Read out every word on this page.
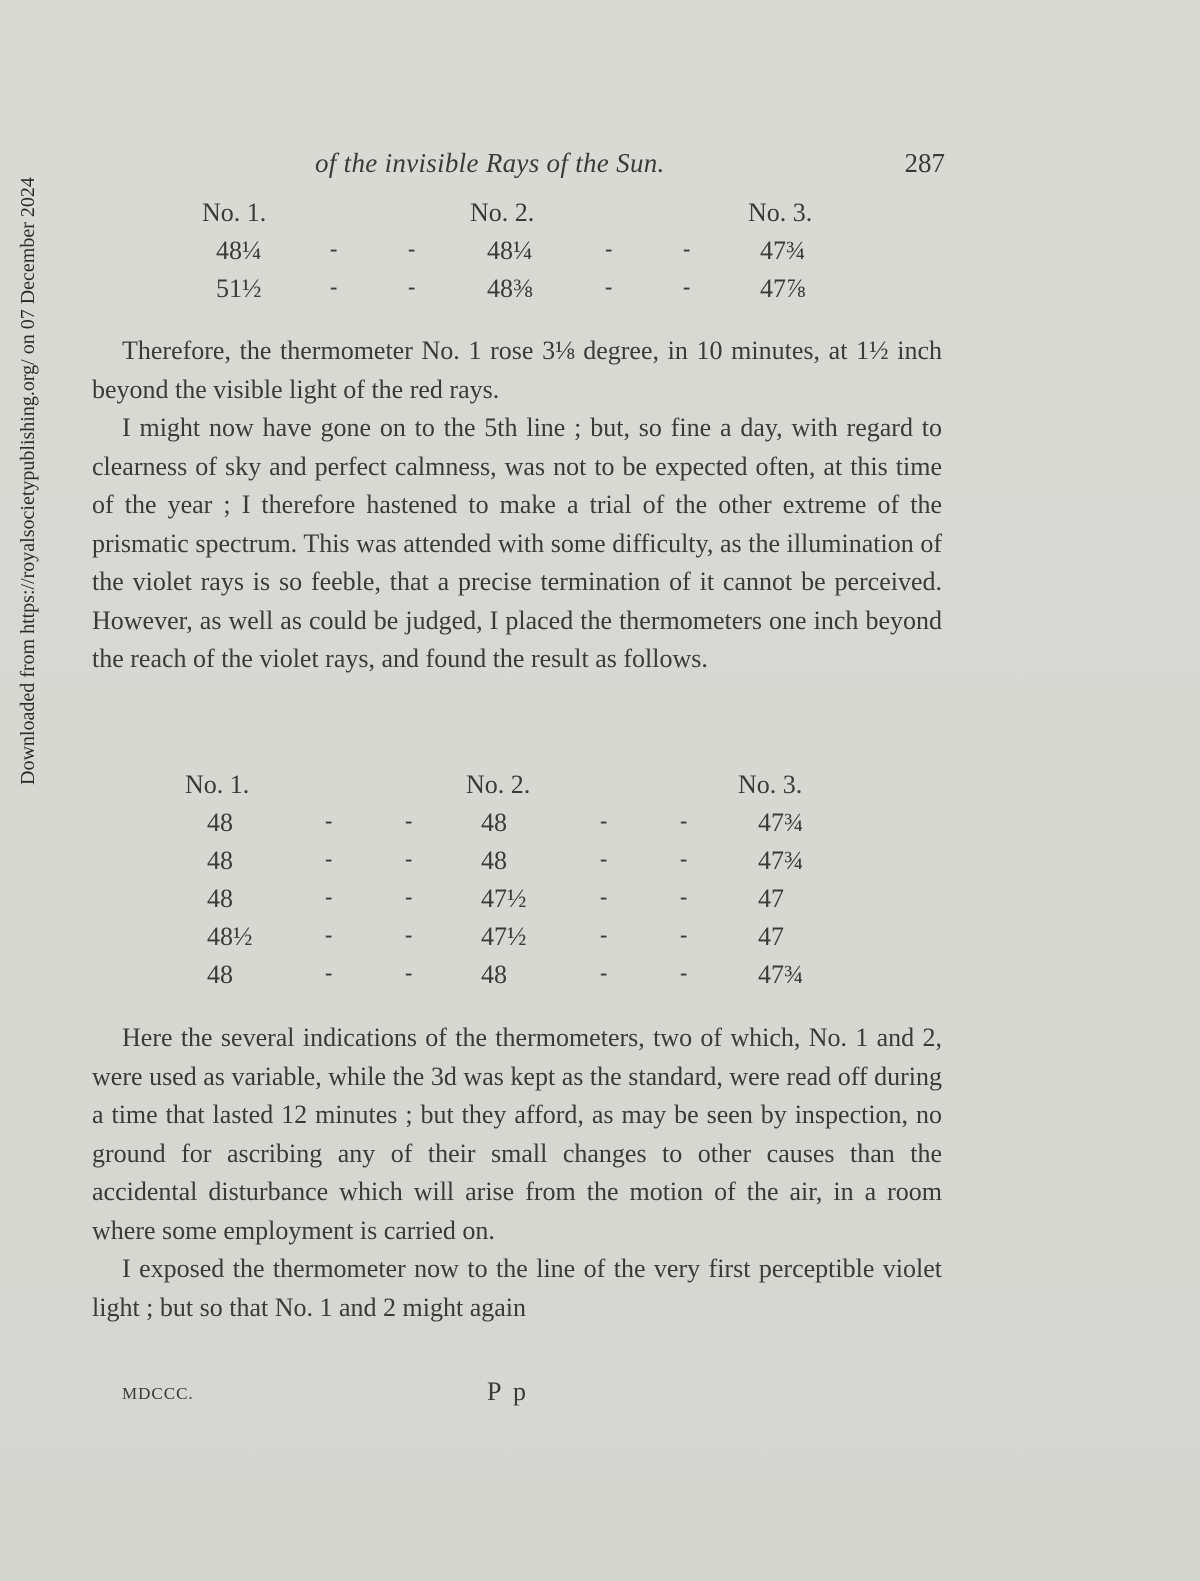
Downloaded from https://royalsocietypublishing.org/ on 07 December 2024
of the invisible Rays of the Sun.	287
No. 1.	No. 2.	No. 3.
48¼	-	-	48¼	-	-	47¾
51½	-	-	48⅜	-	-	47⅞

Therefore, the thermometer No. 1 rose 3⅛ degree, in 10 minutes, at 1½ inch beyond the visible light of the red rays.

I might now have gone on to the 5th line ; but, so fine a day, with regard to clearness of sky and perfect calmness, was not to be expected often, at this time of the year ; I therefore hastened to make a trial of the other extreme of the prismatic spectrum. This was attended with some difficulty, as the illumination of the violet rays is so feeble, that a precise termination of it cannot be perceived. However, as well as could be judged, I placed the thermometers one inch beyond the reach of the violet rays, and found the result as follows.

No. 1.	No. 2.	No. 3.
48	-	-	48	-	-	47¾
48	-	-	48	-	-	47¾
48	-	-	47½	-	-	47
48½	-	-	47½	-	-	47
48	-	-	48	-	-	47¾

Here the several indications of the thermometers, two of which, No. 1 and 2, were used as variable, while the 3d was kept as the standard, were read off during a time that lasted 12 minutes ; but they afford, as may be seen by inspection, no ground for ascribing any of their small changes to other causes than the accidental disturbance which will arise from the motion of the air, in a room where some employment is carried on.

I exposed the thermometer now to the line of the very first perceptible violet light ; but so that No. 1 and 2 might again

MDCCC.	P p
